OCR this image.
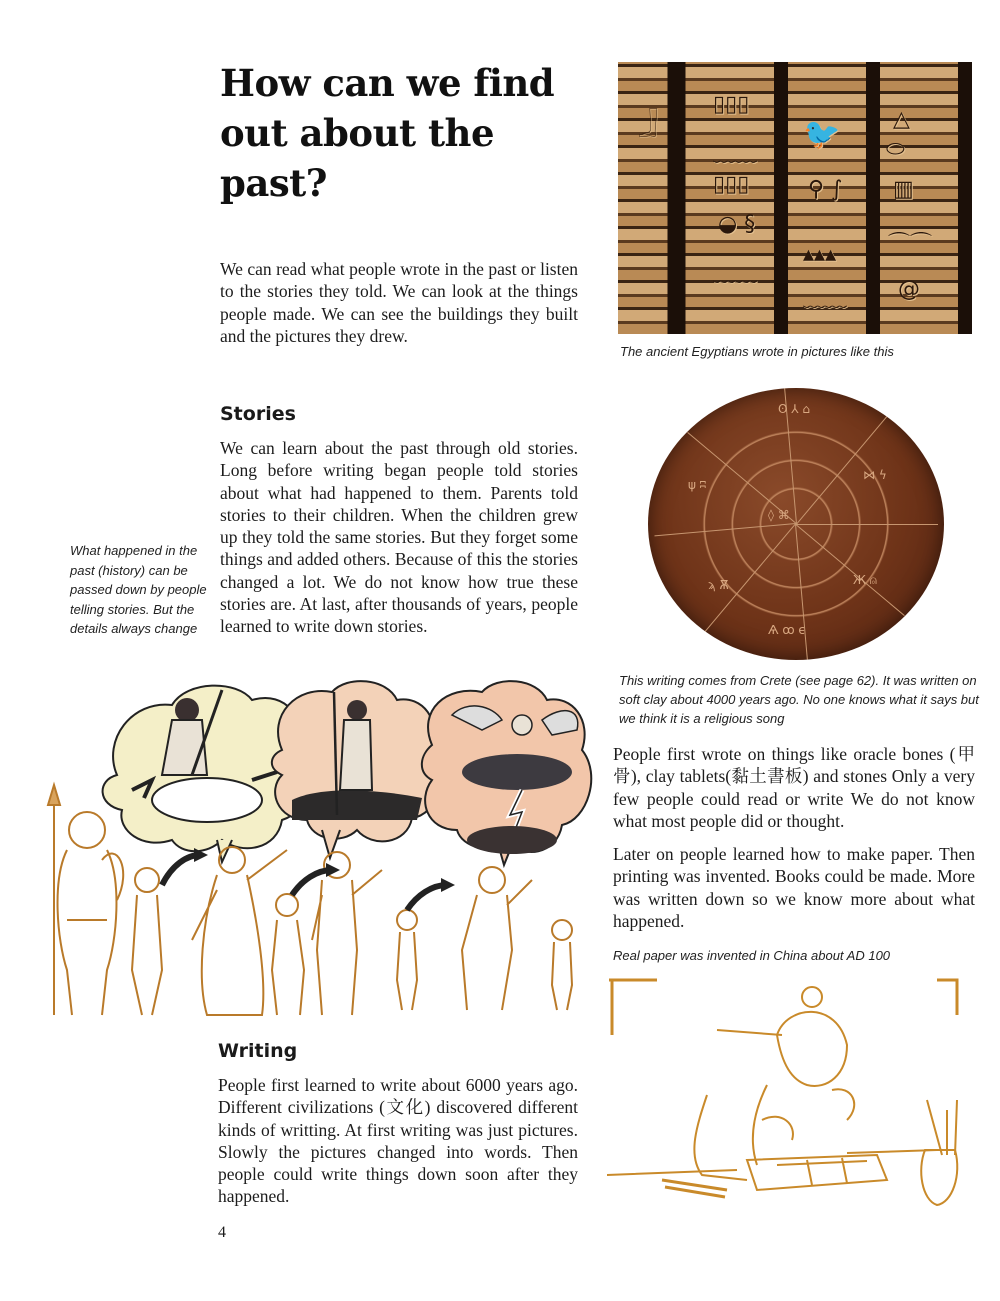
How can we find out about the past?

We can read what people wrote in the past or listen to the stories they told. We can look at the things people made. We can see the buildings they built and the pictures they drew.

Stories

We can learn about the past through old stories. Long before writing began people told stories about what had happened to them. Parents told stories to their children. When the children grew up they told the same stories. But they forget some things and added others. Because of this the stories changed a lot. We do not know how true these stories are. At last, after thousands of years, people learned to write down stories.

What happened in the past (history) can be passed down by people telling stories. But the details always change

𓃀
▯▯▯
﹏﹏
▯▯▯
◒ §
﹏﹏
🐦
⚲ ∫
▴▴▴
﹏﹏
△
⬭
▥
⌒⌒
@

The ancient Egyptians wrote in pictures like this

ʘ ⅄ ⌂
ψ ʭ
⋈ ϟ
◊ ⌘
ϡ Ѫ	Ж ⍝
Ѧ ꝏ ϵ

This writing comes from Crete (see page 62). It was written on soft clay about 4000 years ago. No one knows what it says but we think it is a religious song

People first wrote on things like oracle bones (甲骨), clay tablets(黏土書板) and stones Only a very few people could read or write We do not know what most people did or thought.

Later on people learned how to make paper. Then printing was invented. Books could be made. More was written down so we know more about what happened.

Real paper was invented in China about AD 100

Writing

People first learned to write about 6000 years ago. Different civilizations (文化) discovered different kinds of writting. At first writing was just pictures. Slowly the pictures changed into words. Then people could write things down soon after they happened.

4
